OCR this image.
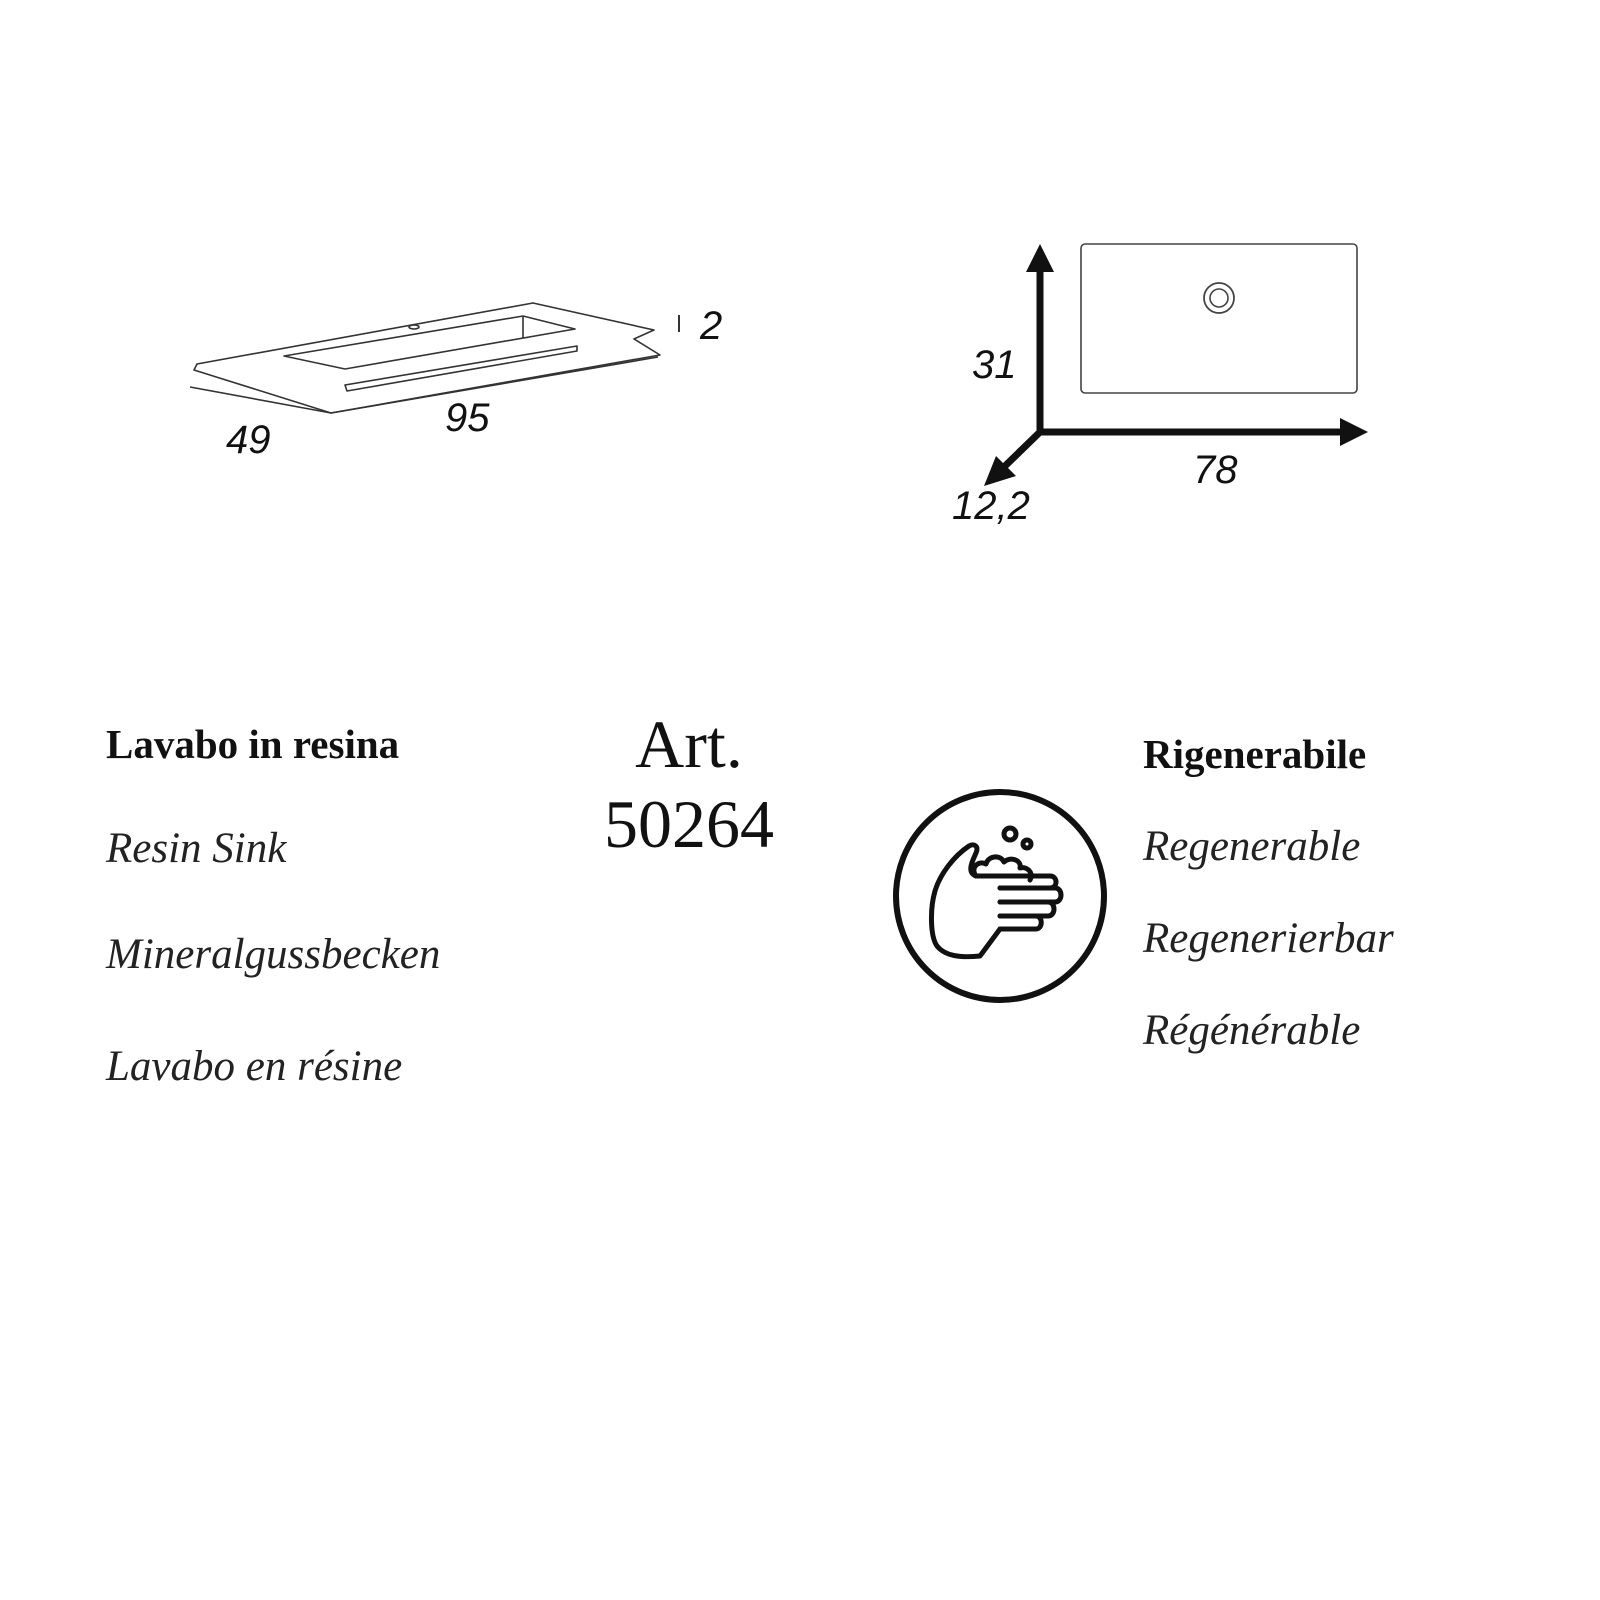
2
49	95
31
78
12,2
Lavabo in resina
Resin Sink
Mineralgussbecken
Lavabo en résine
Art.
50264
Rigenerabile
Regenerable
Regenerierbar
Régénérable
